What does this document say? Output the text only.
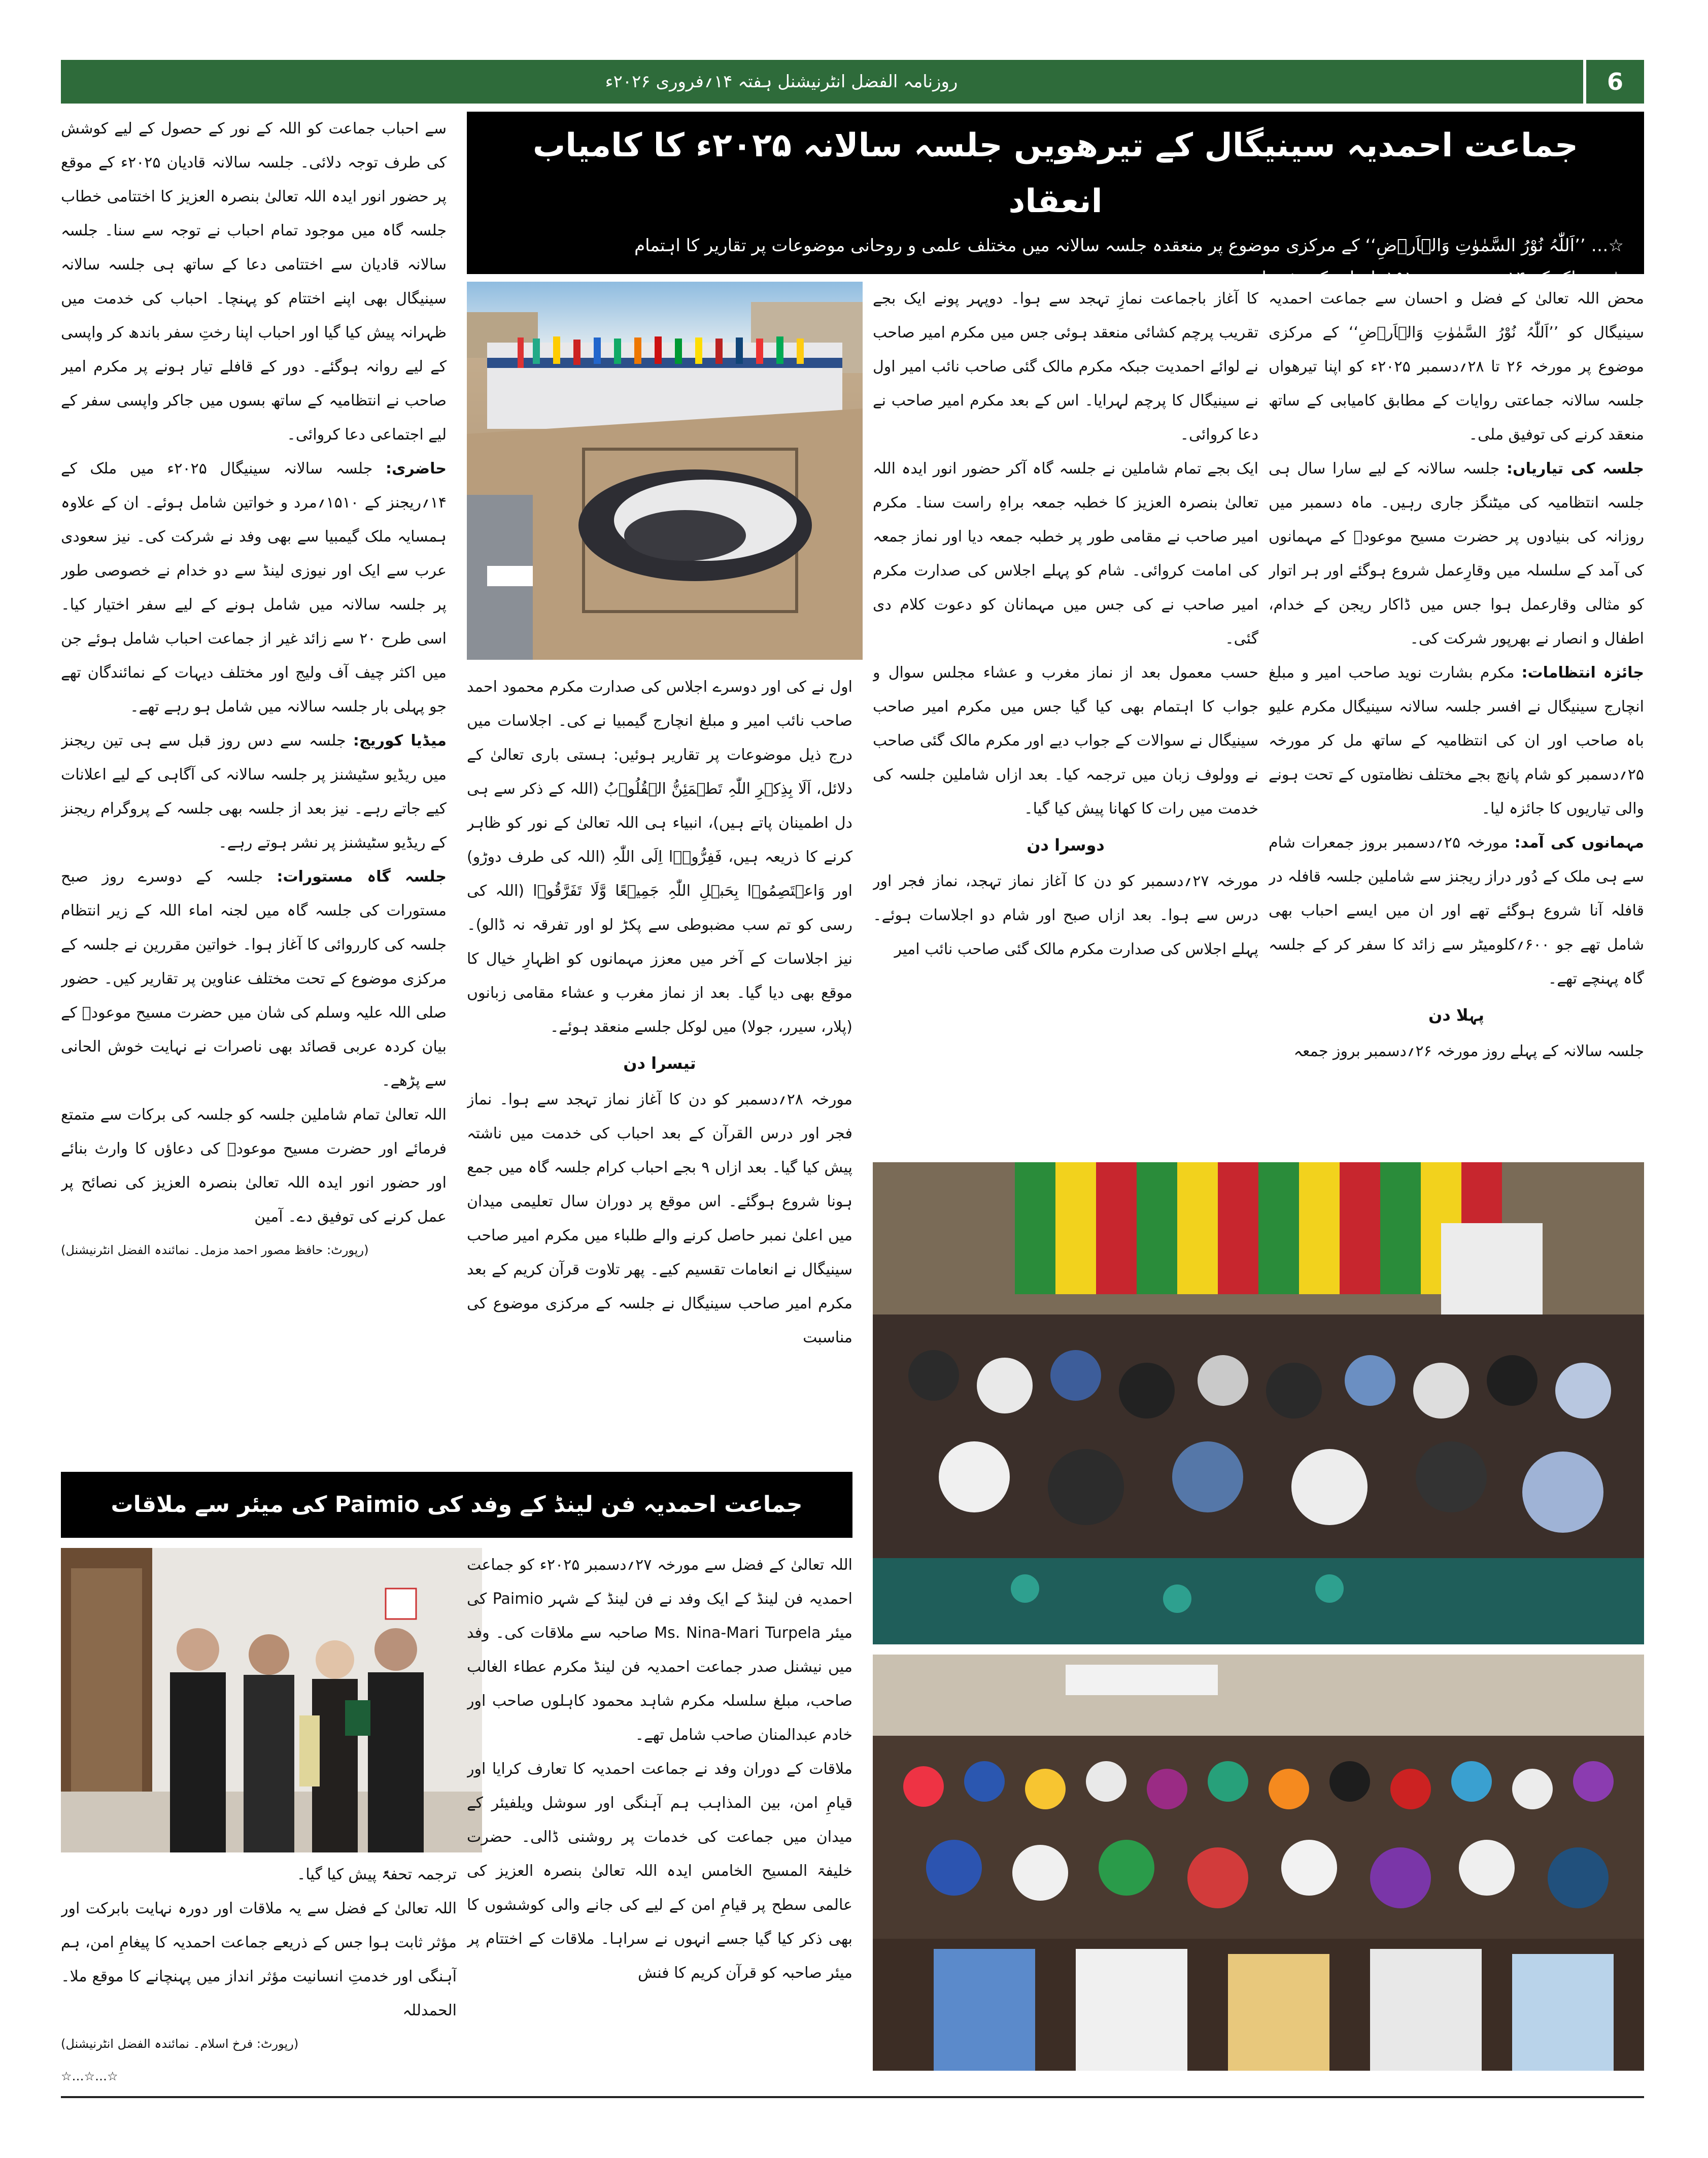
روزنامہ الفضل انٹرنیشنل ہفتہ ۱۴؍فروری ۲۰۲۶ء	6
جماعت احمدیہ سینیگال کے تیرھویں جلسہ سالانہ ۲۰۲۵ء کا کامیاب انعقاد
☆… ’’اَللّٰہُ نُوْرُ السَّمٰوٰتِ وَالۡاَرۡضِ‘‘ کے مرکزی موضوع پر منعقدہ جلسہ سالانہ میں مختلف علمی و روحانی موضوعات پر تقاریر کا اہتمام
☆… ملک کے ۱۴؍ریجنز سے ۱۵۱۰؍احباب کی شمولیت

محض اللہ تعالیٰ کے فضل و احسان سے جماعت احمدیہ سینیگال کو ’’اَللّٰہُ نُوْرُ السَّمٰوٰتِ وَالۡاَرۡضِ‘‘ کے مرکزی موضوع پر مورخہ ۲۶ تا ۲۸؍دسمبر ۲۰۲۵ء کو اپنا تیرھواں جلسہ سالانہ جماعتی روایات کے مطابق کامیابی کے ساتھ منعقد کرنے کی توفیق ملی۔

جلسہ کی تیاریاں: جلسہ سالانہ کے لیے سارا سال ہی جلسہ انتظامیہ کی میٹنگز جاری رہیں۔ ماہ دسمبر میں روزانہ کی بنیادوں پر حضرت مسیح موعودؑ کے مہمانوں کی آمد کے سلسلہ میں وقارِعمل شروع ہوگئے اور ہر اتوار کو مثالی وقارعمل ہوا جس میں ڈاکار ریجن کے خدام، اطفال و انصار نے بھرپور شرکت کی۔

جائزہ انتظامات: مکرم بشارت نوید صاحب امیر و مبلغ انچارج سینیگال نے افسر جلسہ سالانہ سینیگال مکرم علیو باہ صاحب اور ان کی انتظامیہ کے ساتھ مل کر مورخہ ۲۵؍دسمبر کو شام پانچ بجے مختلف نظامتوں کے تحت ہونے والی تیاریوں کا جائزہ لیا۔

مہمانوں کی آمد: مورخہ ۲۵؍دسمبر بروز جمعرات شام سے ہی ملک کے دُور دراز ریجنز سے شاملین جلسہ قافلہ در قافلہ آنا شروع ہوگئے تھے اور ان میں ایسے احباب بھی شامل تھے جو ۶۰۰؍کلومیٹر سے زائد کا سفر کر کے جلسہ گاہ پہنچے تھے۔

پہلا دن

جلسہ سالانہ کے پہلے روز مورخہ ۲۶؍دسمبر بروز جمعہ

کا آغاز باجماعت نمازِ تہجد سے ہوا۔ دوپہر پونے ایک بجے تقریب پرچم کشائی منعقد ہوئی جس میں مکرم امیر صاحب نے لوائے احمدیت جبکہ مکرم مالک گئی صاحب نائب امیر اول نے سینیگال کا پرچم لہرایا۔ اس کے بعد مکرم امیر صاحب نے دعا کروائی۔

ایک بجے تمام شاملین نے جلسہ گاہ آکر حضور انور ایدہ اللہ تعالیٰ بنصرہ العزیز کا خطبہ جمعہ براہِ راست سنا۔ مکرم امیر صاحب نے مقامی طور پر خطبہ جمعہ دیا اور نماز جمعہ کی امامت کروائی۔ شام کو پہلے اجلاس کی صدارت مکرم امیر صاحب نے کی جس میں مہمانان کو دعوت کلام دی گئی۔

حسب معمول بعد از نماز مغرب و عشاء مجلس سوال و جواب کا اہتمام بھی کیا گیا جس میں مکرم امیر صاحب سینیگال نے سوالات کے جواب دیے اور مکرم مالک گئی صاحب نے وولوف زبان میں ترجمہ کیا۔ بعد ازاں شاملین جلسہ کی خدمت میں رات کا کھانا پیش کیا گیا۔

دوسرا دن

مورخہ ۲۷؍دسمبر کو دن کا آغاز نماز تہجد، نماز فجر اور درس سے ہوا۔ بعد ازاں صبح اور شام دو اجلاسات ہوئے۔ پہلے اجلاس کی صدارت مکرم مالک گئی صاحب نائب امیر

اول نے کی اور دوسرے اجلاس کی صدارت مکرم محمود احمد صاحب نائب امیر و مبلغ انچارج گیمبیا نے کی۔ اجلاسات میں درج ذیل موضوعات پر تقاریر ہوئیں: ہستی باری تعالیٰ کے دلائل، اَلَا بِذِکۡرِ اللّٰہِ تَطۡمَئِنُّ الۡقُلُوۡبُ (اللہ کے ذکر سے ہی دل اطمینان پاتے ہیں)، انبیاء ہی اللہ تعالیٰ کے نور کو ظاہر کرنے کا ذریعہ ہیں، فَفِرُّوۡۤا اِلَی اللّٰہِ (اللہ کی طرف دوڑو) اور وَاعۡتَصِمُوۡا بِحَبۡلِ اللّٰہِ جَمِیۡعًا وَّلَا تَفَرَّقُوۡا (اللہ کی رسی کو تم سب مضبوطی سے پکڑ لو اور تفرقہ نہ ڈالو)۔ نیز اجلاسات کے آخر میں معزز مہمانوں کو اظہارِ خیال کا موقع بھی دیا گیا۔ بعد از نماز مغرب و عشاء مقامی زبانوں (پلار، سیرر، جولا) میں لوکل جلسے منعقد ہوئے۔

تیسرا دن

مورخہ ۲۸؍دسمبر کو دن کا آغاز نماز تہجد سے ہوا۔ نماز فجر اور درس القرآن کے بعد احباب کی خدمت میں ناشتہ پیش کیا گیا۔ بعد ازاں ۹ بجے احباب کرام جلسہ گاہ میں جمع ہونا شروع ہوگئے۔ اس موقع پر دوران سال تعلیمی میدان میں اعلیٰ نمبر حاصل کرنے والے طلباء میں مکرم امیر صاحب سینیگال نے انعامات تقسیم کیے۔ پھر تلاوت قرآن کریم کے بعد مکرم امیر صاحب سینیگال نے جلسہ کے مرکزی موضوع کی مناسبت

سے احباب جماعت کو اللہ کے نور کے حصول کے لیے کوشش کی طرف توجہ دلائی۔ جلسہ سالانہ قادیان ۲۰۲۵ء کے موقع پر حضور انور ایدہ اللہ تعالیٰ بنصرہ العزیز کا اختتامی خطاب جلسہ گاہ میں موجود تمام احباب نے توجہ سے سنا۔ جلسہ سالانہ قادیان سے اختتامی دعا کے ساتھ ہی جلسہ سالانہ سینیگال بھی اپنے اختتام کو پہنچا۔ احباب کی خدمت میں ظہرانہ پیش کیا گیا اور احباب اپنا رختِ سفر باندھ کر واپسی کے لیے روانہ ہوگئے۔ دور کے قافلے تیار ہونے پر مکرم امیر صاحب نے انتظامیہ کے ساتھ بسوں میں جاکر واپسی سفر کے لیے اجتماعی دعا کروائی۔

حاضری: جلسہ سالانہ سینیگال ۲۰۲۵ء میں ملک کے ۱۴؍ریجنز کے ۱۵۱۰؍مرد و خواتین شامل ہوئے۔ ان کے علاوہ ہمسایہ ملک گیمبیا سے بھی وفد نے شرکت کی۔ نیز سعودی عرب سے ایک اور نیوزی لینڈ سے دو خدام نے خصوصی طور پر جلسہ سالانہ میں شامل ہونے کے لیے سفر اختیار کیا۔ اسی طرح ۲۰ سے زائد غیر از جماعت احباب شامل ہوئے جن میں اکثر چیف آف ولیج اور مختلف دیہات کے نمائندگان تھے جو پہلی بار جلسہ سالانہ میں شامل ہو رہے تھے۔

میڈیا کوریج: جلسہ سے دس روز قبل سے ہی تین ریجنز میں ریڈیو سٹیشنز پر جلسہ سالانہ کی آگاہی کے لیے اعلانات کیے جاتے رہے۔ نیز بعد از جلسہ بھی جلسہ کے پروگرام ریجنز کے ریڈیو سٹیشنز پر نشر ہوتے رہے۔

جلسہ گاہ مستورات: جلسہ کے دوسرے روز صبح مستورات کی جلسہ گاہ میں لجنہ اماء اللہ کے زیر انتظام جلسہ کی کارروائی کا آغاز ہوا۔ خواتین مقررین نے جلسہ کے مرکزی موضوع کے تحت مختلف عناوین پر تقاریر کیں۔ حضور صلی اللہ علیہ وسلم کی شان میں حضرت مسیح موعودؑ کے بیان کردہ عربی قصائد بھی ناصرات نے نہایت خوش الحانی سے پڑھے۔

اللہ تعالیٰ تمام شاملین جلسہ کو جلسہ کی برکات سے متمتع فرمائے اور حضرت مسیح موعودؑ کی دعاؤں کا وارث بنائے اور حضور انور ایدہ اللہ تعالیٰ بنصرہ العزیز کی نصائح پر عمل کرنے کی توفیق دے۔ آمین

(رپورٹ: حافظ مصور احمد مزمل۔ نمائندہ الفضل انٹرنیشنل)

جماعت احمدیہ فن لینڈ کے وفد کی Paimio کی میئر سے ملاقات

اللہ تعالیٰ کے فضل سے مورخہ ۲۷؍دسمبر ۲۰۲۵ء کو جماعت احمدیہ فن لینڈ کے ایک وفد نے فن لینڈ کے شہر Paimio کی میئر Ms. Nina-Mari Turpela صاحبہ سے ملاقات کی۔ وفد میں نیشنل صدر جماعت احمدیہ فن لینڈ مکرم عطاء الغالب صاحب، مبلغ سلسلہ مکرم شاہد محمود کاہلوں صاحب اور خادم عبدالمنان صاحب شامل تھے۔

ملاقات کے دوران وفد نے جماعت احمدیہ کا تعارف کرایا اور قیامِ امن، بین المذاہب ہم آہنگی اور سوشل ویلفیئر کے میدان میں جماعت کی خدمات پر روشنی ڈالی۔ حضرت خلیفۃ المسیح الخامس ایدہ اللہ تعالیٰ بنصرہ العزیز کی عالمی سطح پر قیامِ امن کے لیے کی جانے والی کوششوں کا بھی ذکر کیا گیا جسے انہوں نے سراہا۔ ملاقات کے اختتام پر میئر صاحبہ کو قرآن کریم کا فنش

ترجمہ تحفۃً پیش کیا گیا۔

اللہ تعالیٰ کے فضل سے یہ ملاقات اور دورہ نہایت بابرکت اور مؤثر ثابت ہوا جس کے ذریعے جماعت احمدیہ کا پیغامِ امن، ہم آہنگی اور خدمتِ انسانیت مؤثر انداز میں پہنچانے کا موقع ملا۔ الحمدللہ

(رپورٹ: فرخ اسلام۔ نمائندہ الفضل انٹرنیشنل)

☆…☆…☆
